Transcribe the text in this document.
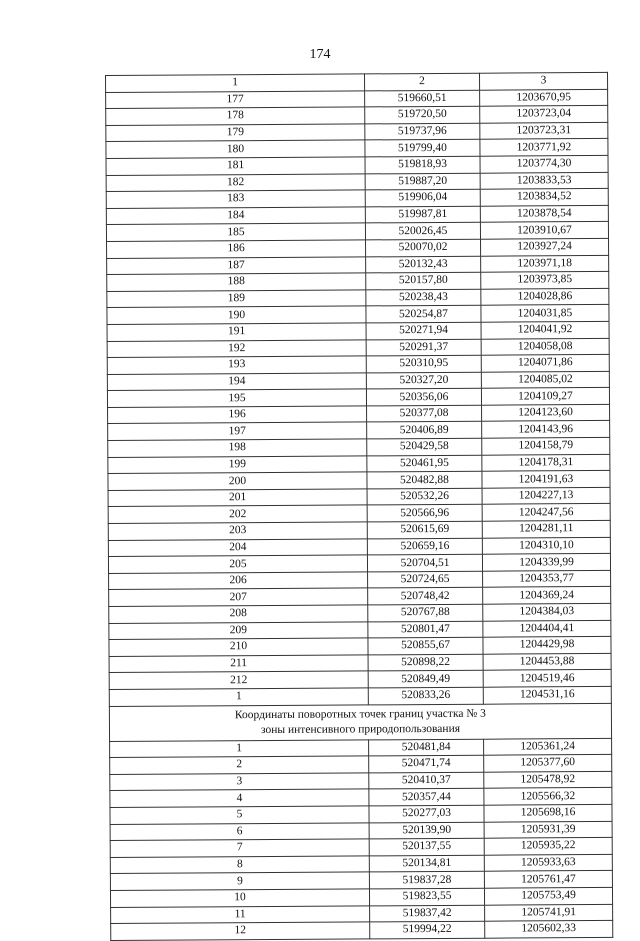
174
1	2	3
177	519660,51	1203670,95
178	519720,50	1203723,04
179	519737,96	1203723,31
180	519799,40	1203771,92
181	519818,93	1203774,30
182	519887,20	1203833,53
183	519906,04	1203834,52
184	519987,81	1203878,54
185	520026,45	1203910,67
186	520070,02	1203927,24
187	520132,43	1203971,18
188	520157,80	1203973,85
189	520238,43	1204028,86
190	520254,87	1204031,85
191	520271,94	1204041,92
192	520291,37	1204058,08
193	520310,95	1204071,86
194	520327,20	1204085,02
195	520356,06	1204109,27
196	520377,08	1204123,60
197	520406,89	1204143,96
198	520429,58	1204158,79
199	520461,95	1204178,31
200	520482,88	1204191,63
201	520532,26	1204227,13
202	520566,96	1204247,56
203	520615,69	1204281,11
204	520659,16	1204310,10
205	520704,51	1204339,99
206	520724,65	1204353,77
207	520748,42	1204369,24
208	520767,88	1204384,03
209	520801,47	1204404,41
210	520855,67	1204429,98
211	520898,22	1204453,88
212	520849,49	1204519,46
1	520833,26	1204531,16

Координаты поворотных точек границ участка № 3
зоны интенсивного природопользования		

1	520481,84	1205361,24
2	520471,74	1205377,60
3	520410,37	1205478,92
4	520357,44	1205566,32
5	520277,03	1205698,16
6	520139,90	1205931,39
7	520137,55	1205935,22
8	520134,81	1205933,63
9	519837,28	1205761,47
10	519823,55	1205753,49
11	519837,42	1205741,91
12	519994,22	1205602,33
